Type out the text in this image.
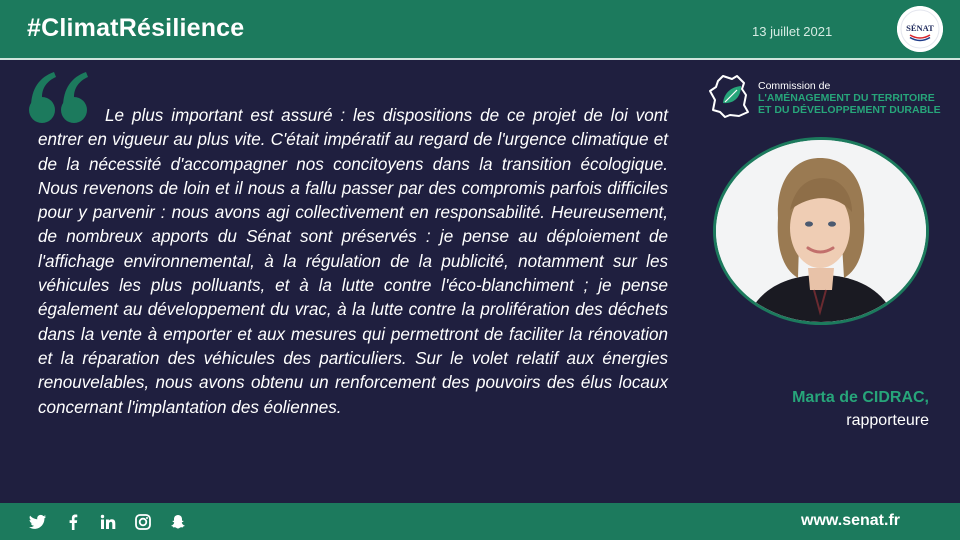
#ClimatRésilience	13 juillet 2021	SÉNAT

Le plus important est assuré : les dispositions de ce projet de loi vont entrer en vigueur au plus vite. C'était impératif au regard de l'urgence climatique et de la nécessité d'accompagner nos concitoyens dans la transition écologique. Nous revenons de loin et il nous a fallu passer par des compromis parfois difficiles pour y parvenir : nous avons agi collectivement en responsabilité. Heureusement, de nombreux apports du Sénat sont préservés : je pense au déploiement de l'affichage environnemental, à la régulation de la publicité, notamment sur les véhicules les plus polluants, et à la lutte contre l'éco-blanchiment ; je pense également au développement du vrac, à la lutte contre la prolifération des déchets dans la vente à emporter et aux mesures qui permettront de faciliter la rénovation et la réparation des véhicules des particuliers. Sur le volet relatif aux énergies renouvelables, nous avons obtenu un renforcement des pouvoirs des élus locaux concernant l'implantation des éoliennes.

Commission de
L'AMÉNAGEMENT DU TERRITOIRE
ET DU DÉVELOPPEMENT DURABLE
Marta de CIDRAC,
rapporteure
www.senat.fr
